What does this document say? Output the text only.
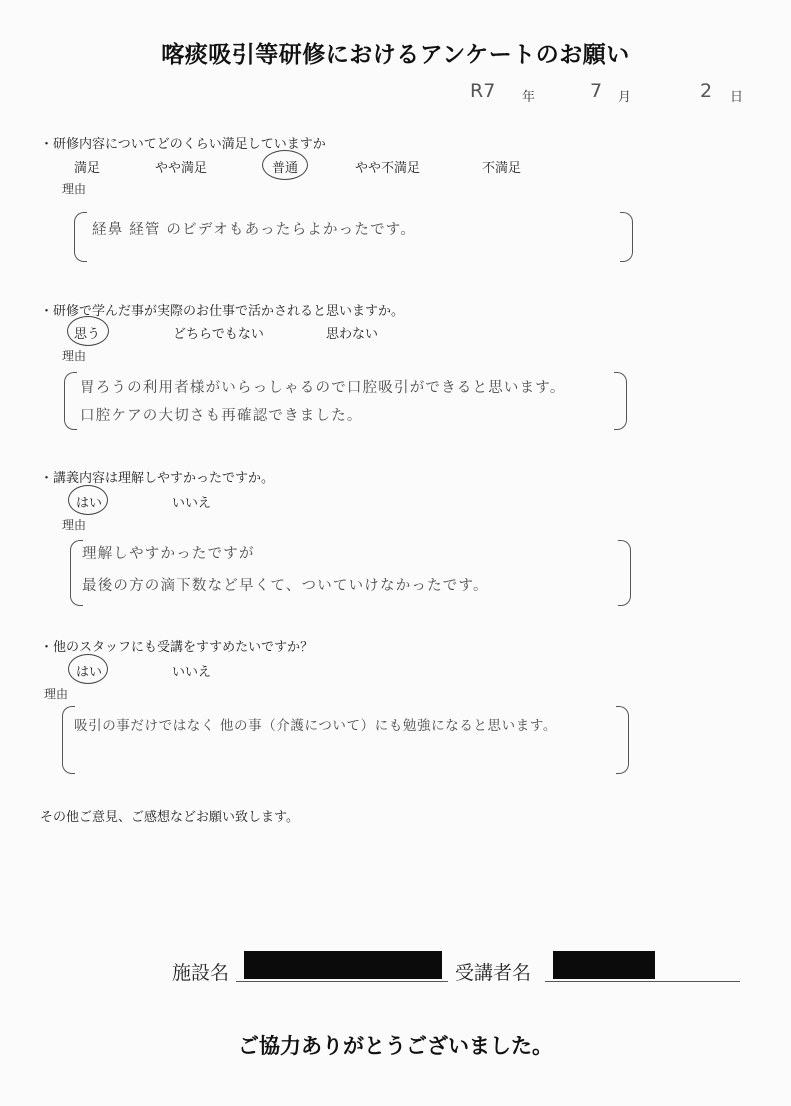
喀痰吸引等研修におけるアンケートのお願い
R7 年	7 月	2 日
・研修内容についてどのくらい満足していますか
満足	やや満足	普通	やや不満足	不満足
理由
経鼻 経管 のビデオもあったらよかったです。
・研修で学んだ事が実際のお仕事で活かされると思いますか。
思う	どちらでもない	思わない
理由
胃ろうの利用者様がいらっしゃるので口腔吸引ができると思います。
口腔ケアの大切さも再確認できました。
・講義内容は理解しやすかったですか。
はい	いいえ
理由
理解しやすかったですが
最後の方の滴下数など早くて、ついていけなかったです。
・他のスタッフにも受講をすすめたいですか？
はい	いいえ
理由
吸引の事だけではなく 他の事（介護について）にも勉強になると思います。
その他ご意見、ご感想などお願い致します。
施設名	受講者名
ご協力ありがとうございました。
